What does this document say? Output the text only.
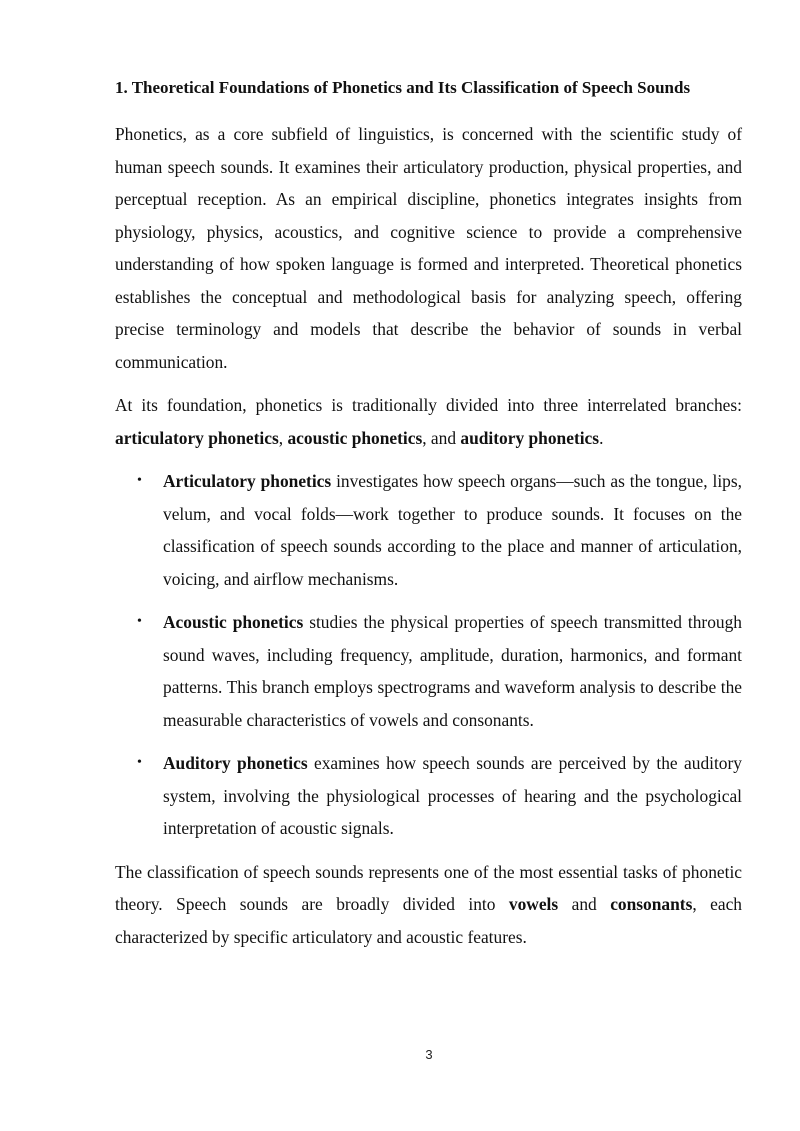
1. Theoretical Foundations of Phonetics and Its Classification of Speech Sounds

Phonetics, as a core subfield of linguistics, is concerned with the scientific study of human speech sounds. It examines their articulatory production, physical properties, and perceptual reception. As an empirical discipline, phonetics integrates insights from physiology, physics, acoustics, and cognitive science to provide a comprehensive understanding of how spoken language is formed and interpreted. Theoretical phonetics establishes the conceptual and methodological basis for analyzing speech, offering precise terminology and models that describe the behavior of sounds in verbal communication.

At its foundation, phonetics is traditionally divided into three interrelated branches: articulatory phonetics, acoustic phonetics, and auditory phonetics.

• Articulatory phonetics investigates how speech organs—such as the tongue, lips, velum, and vocal folds—work together to produce sounds. It focuses on the classification of speech sounds according to the place and manner of articulation, voicing, and airflow mechanisms.
• Acoustic phonetics studies the physical properties of speech transmitted through sound waves, including frequency, amplitude, duration, harmonics, and formant patterns. This branch employs spectrograms and waveform analysis to describe the measurable characteristics of vowels and consonants.
• Auditory phonetics examines how speech sounds are perceived by the auditory system, involving the physiological processes of hearing and the psychological interpretation of acoustic signals.

The classification of speech sounds represents one of the most essential tasks of phonetic theory. Speech sounds are broadly divided into vowels and consonants, each characterized by specific articulatory and acoustic features.

3
